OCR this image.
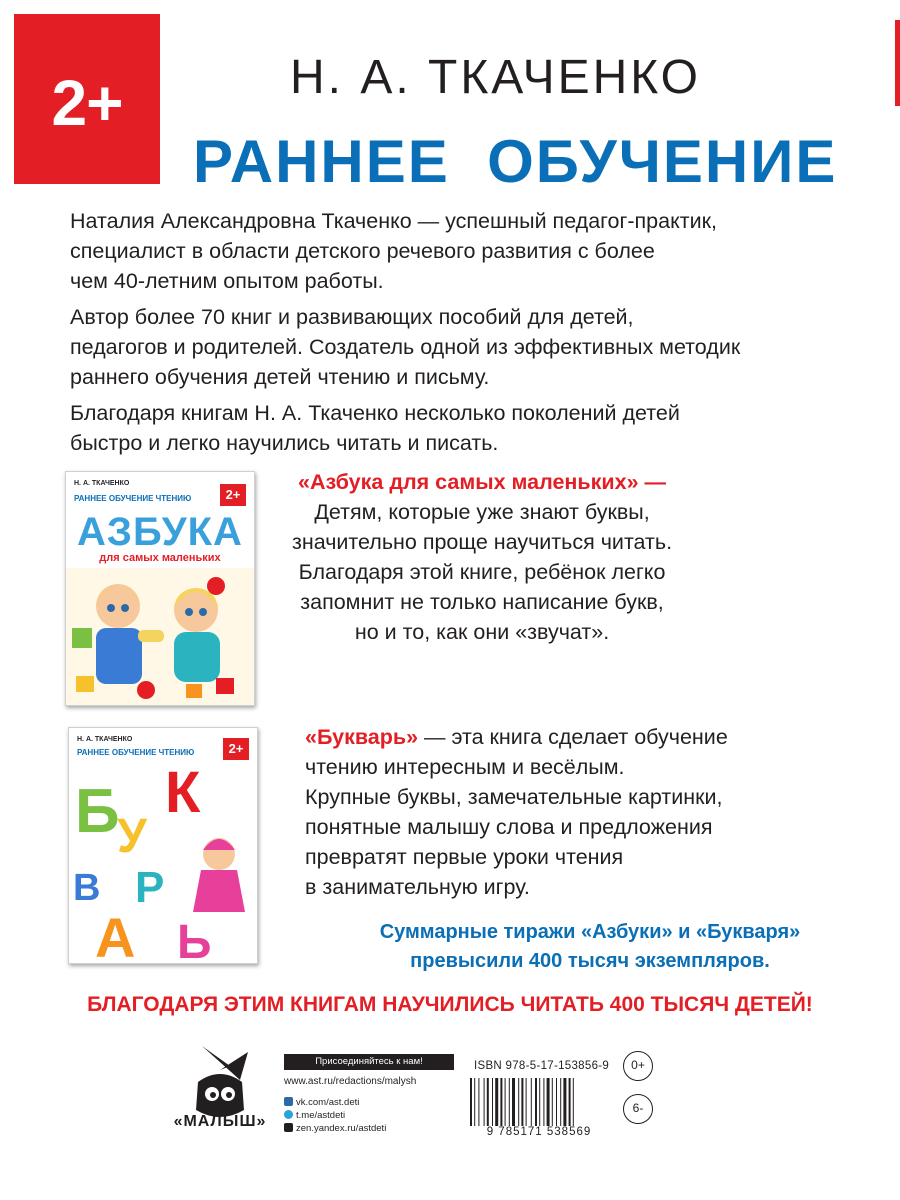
2+	Н. А. ТКАЧЕНКО
РАННЕЕ  ОБУЧЕНИЕ
Наталия Александровна Ткаченко — успешный педагог-практик,
специалист в области детского речевого развития с более
чем 40-летним опытом работы.
Автор более 70 книг и развивающих пособий для детей,
педагогов и родителей. Создатель одной из эффективных методик
раннего обучения детей чтению и письму.
Благодаря книгам Н. А. Ткаченко несколько поколений детей
быстро и легко научились читать и писать.
Н. А. ТКАЧЕНКО
РАННЕЕ ОБУЧЕНИЕ ЧТЕНИЮ	2+
АЗБУКА
для самых маленьких
«Азбука для самых маленьких» —
Детям, которые уже знают буквы,
значительно проще научиться читать.
Благодаря этой книге, ребёнок легко
запомнит не только написание букв,
но и то, как они «звучат».
Н. А. ТКАЧЕНКО
РАННЕЕ ОБУЧЕНИЕ ЧТЕНИЮ	2+
Б
У
К
В Р
А Ь
«Букварь» — эта книга сделает обучение
чтению интересным и весёлым.
Крупные буквы, замечательные картинки,
понятные малышу слова и предложения
превратят первые уроки чтения
в занимательную игру.
Суммарные тиражи «Азбуки» и «Букваря»
превысили 400 тысяч экземпляров.
БЛАГОДАРЯ ЭТИМ КНИГАМ НАУЧИЛИСЬ ЧИТАТЬ 400 ТЫСЯЧ ДЕТЕЙ!
«МАЛЫШ»
Присоединяйтесь к нам!
www.ast.ru/redactions/malysh
vk.com/ast.deti
t.me/astdeti
zen.yandex.ru/astdeti
ISBN 978-5-17-153856-9
9 785171 538569
0+
6-
